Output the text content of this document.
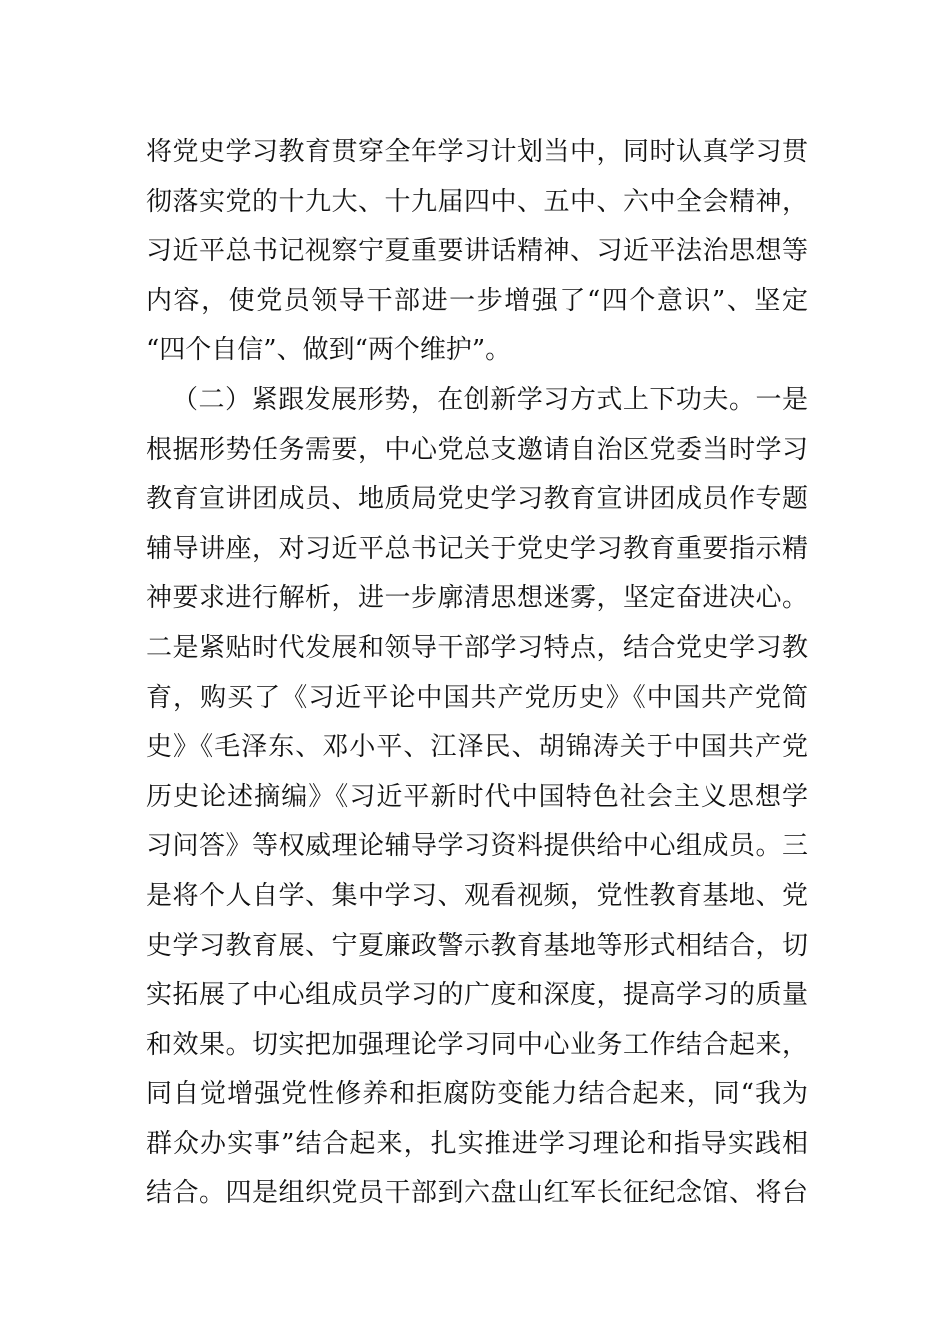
将党史学习教育贯穿全年学习计划当中，同时认真学习贯
彻落实党的十九大、十九届四中、五中、六中全会精神，
习近平总书记视察宁夏重要讲话精神、习近平法治思想等
内容，使党员领导干部进一步增强了“四个意识”、坚定
“四个自信”、做到“两个维护”。
（二）紧跟发展形势，在创新学习方式上下功夫。一是
根据形势任务需要，中心党总支邀请自治区党委当时学习
教育宣讲团成员、地质局党史学习教育宣讲团成员作专题
辅导讲座，对习近平总书记关于党史学习教育重要指示精
神要求进行解析，进一步廓清思想迷雾，坚定奋进决心。
二是紧贴时代发展和领导干部学习特点，结合党史学习教
育，购买了《习近平论中国共产党历史》《中国共产党简
史》《毛泽东、邓小平、江泽民、胡锦涛关于中国共产党
历史论述摘编》《习近平新时代中国特色社会主义思想学
习问答》等权威理论辅导学习资料提供给中心组成员。三
是将个人自学、集中学习、观看视频，党性教育基地、党
史学习教育展、宁夏廉政警示教育基地等形式相结合，切
实拓展了中心组成员学习的广度和深度，提高学习的质量
和效果。切实把加强理论学习同中心业务工作结合起来，
同自觉增强党性修养和拒腐防变能力结合起来，同“我为
群众办实事”结合起来，扎实推进学习理论和指导实践相
结合。四是组织党员干部到六盘山红军长征纪念馆、将台
